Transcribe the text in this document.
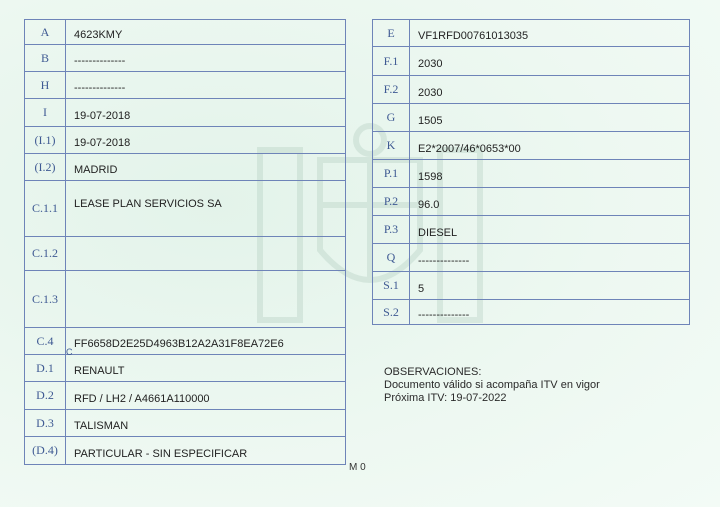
A	4623KMY
B	--------------
H	--------------
I	19-07-2018
(I.1)	19-07-2018
(I.2)	MADRID
C.1.1	LEASE PLAN SERVICIOS SA
C.1.2	
C.1.3	
C.4	FF6658D2E25D4963B12A2A31F8EA72E6
D.1	RENAULT
D.2	RFD / LH2 / A4661A110000
D.3	TALISMAN
(D.4)	PARTICULAR - SIN ESPECIFICAR
C
E	VF1RFD00761013035
F.1	2030
F.2	2030
G	1505
K	E2*2007/46*0653*00
P.1	1598
P.2	96.0
P.3	DIESEL
Q	--------------
S.1	5
S.2	--------------
OBSERVACIONES:
Documento válido si acompaña ITV en vigor
Próxima ITV: 19-07-2022
M 0
